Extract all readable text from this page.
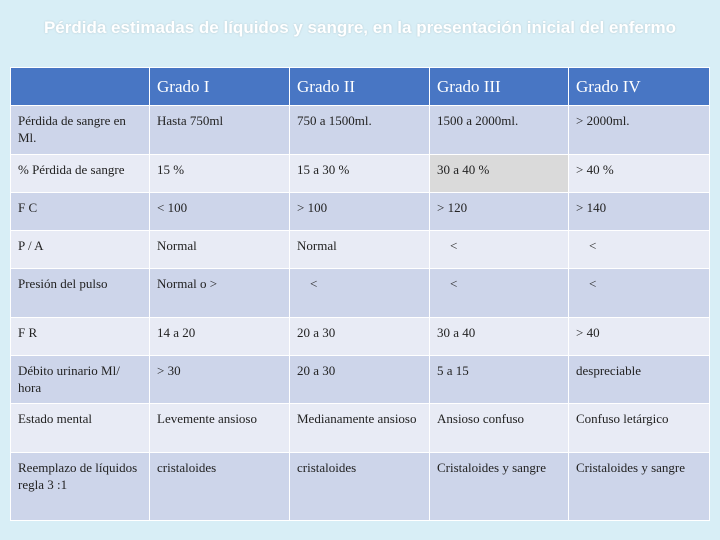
Pérdida estimadas de líquidos y sangre, en la presentación inicial del enfermo
	Grado I	Grado II	Grado III	Grado IV
Pérdida de sangre en Ml.	Hasta 750ml	750 a 1500ml.	1500 a 2000ml.	> 2000ml.
% Pérdida de sangre	15 %	15 a 30 %	30 a 40 %	> 40 %
F C	< 100	> 100	> 120	> 140
P / A	Normal	Normal	<	<
Presión del pulso	Normal o >	<	<	<
F R	14 a 20	20 a 30	30 a 40	> 40
Débito urinario Ml/ hora	> 30	20 a 30	5 a 15	despreciable
Estado mental	Levemente ansioso	Medianamente ansioso	Ansioso confuso	Confuso letárgico
Reemplazo de líquidos regla 3 :1	cristaloides	cristaloides	Cristaloides y sangre	Cristaloides y sangre
